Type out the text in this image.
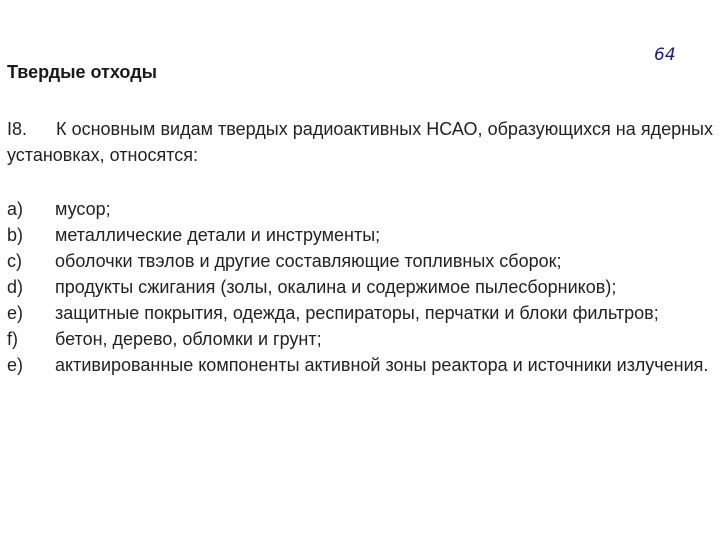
64
Твердые отходы
I8. К основным видам твердых радиоактивных НСАО, образующихся на ядерных установках, относятся:
a)	мусор;
b)	металлические детали и инструменты;
c)	оболочки твэлов и другие составляющие топливных сборок;
d)	продукты сжигания (золы, окалина и содержимое пылесборников);
e)	защитные покрытия, одежда, респираторы, перчатки и блоки фильтров;
f)	бетон, дерево, обломки и грунт;
e)	активированные компоненты активной зоны реактора и источники излучения.
